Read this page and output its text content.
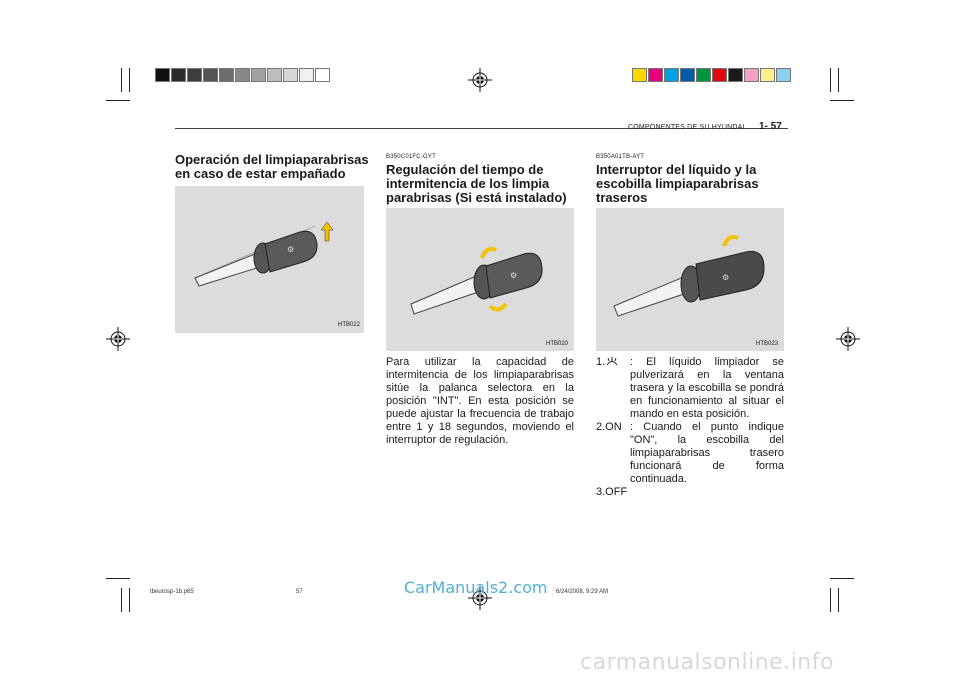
COMPONENTES DE SU HYUNDAI 1- 57
Operación del limpiaparabrisas en caso de estar empañado
⚙
HTB022
B350C01FC-GYT
Regulación del tiempo de intermitencia de los limpia parabrisas (Si está instalado)
⚙
HTB020
Para utilizar la capacidad de intermitencia de los limpiaparabrisas sitúe la palanca selectora en la posición "INT". En esta posición se puede ajustar la frecuencia de trabajo entre 1 y 18 segundos, moviendo el interruptor de regulación.
B350A01TB-AYT
Interruptor del líquido y la escobilla limpiaparabrisas traseros
⚙
HTB023
1.	: El líquido limpiador se pulverizará en la ventana trasera y la escobilla se pondrá en funcionamiento al situar el mando en esta posición.
2.ON : Cuando el punto indique "ON", la escobilla del limpiaparabrisas trasero funcionará de forma continuada.
3.OFF
tbeurosp-1b.p65	57	6/24/2008, 9:29 AM
CarManuals2.com
carmanualsonline.info
